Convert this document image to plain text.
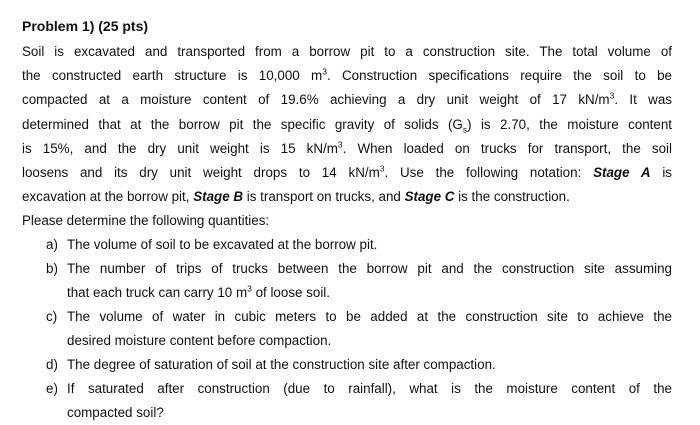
Problem 1) (25 pts)
Soil is excavated and transported from a borrow pit to a construction site. The total volume of
the constructed earth structure is 10,000 $m^3$. Construction specifications require the soil to be
compacted at a moisture content of 19.6% achieving a dry unit weight of 17 $kN/m^3$. It was
determined that at the borrow pit the specific gravity of solids $(G_s)$ is 2.70, the moisture content
is 15%, and the dry unit weight is 15 $kN/m^3$. When loaded on trucks for transport, the soil
loosens and its dry unit weight drops to 14 $kN/m^3$. Use the following notation: Stage A is
excavation at the borrow pit, Stage B is transport on trucks, and Stage C is the construction.
Please determine the following quantities:
a) The volume of soil to be excavated at the borrow pit.
b) The number of trips of trucks between the borrow pit and the construction site assuming
that each truck can carry 10 $m^3$ of loose soil.
c) The volume of water in cubic meters to be added at the construction site to achieve the
desired moisture content before compaction.
d) The degree of saturation of soil at the construction site after compaction.
e) If saturated after construction (due to rainfall), what is the moisture content of the
compacted soil?
